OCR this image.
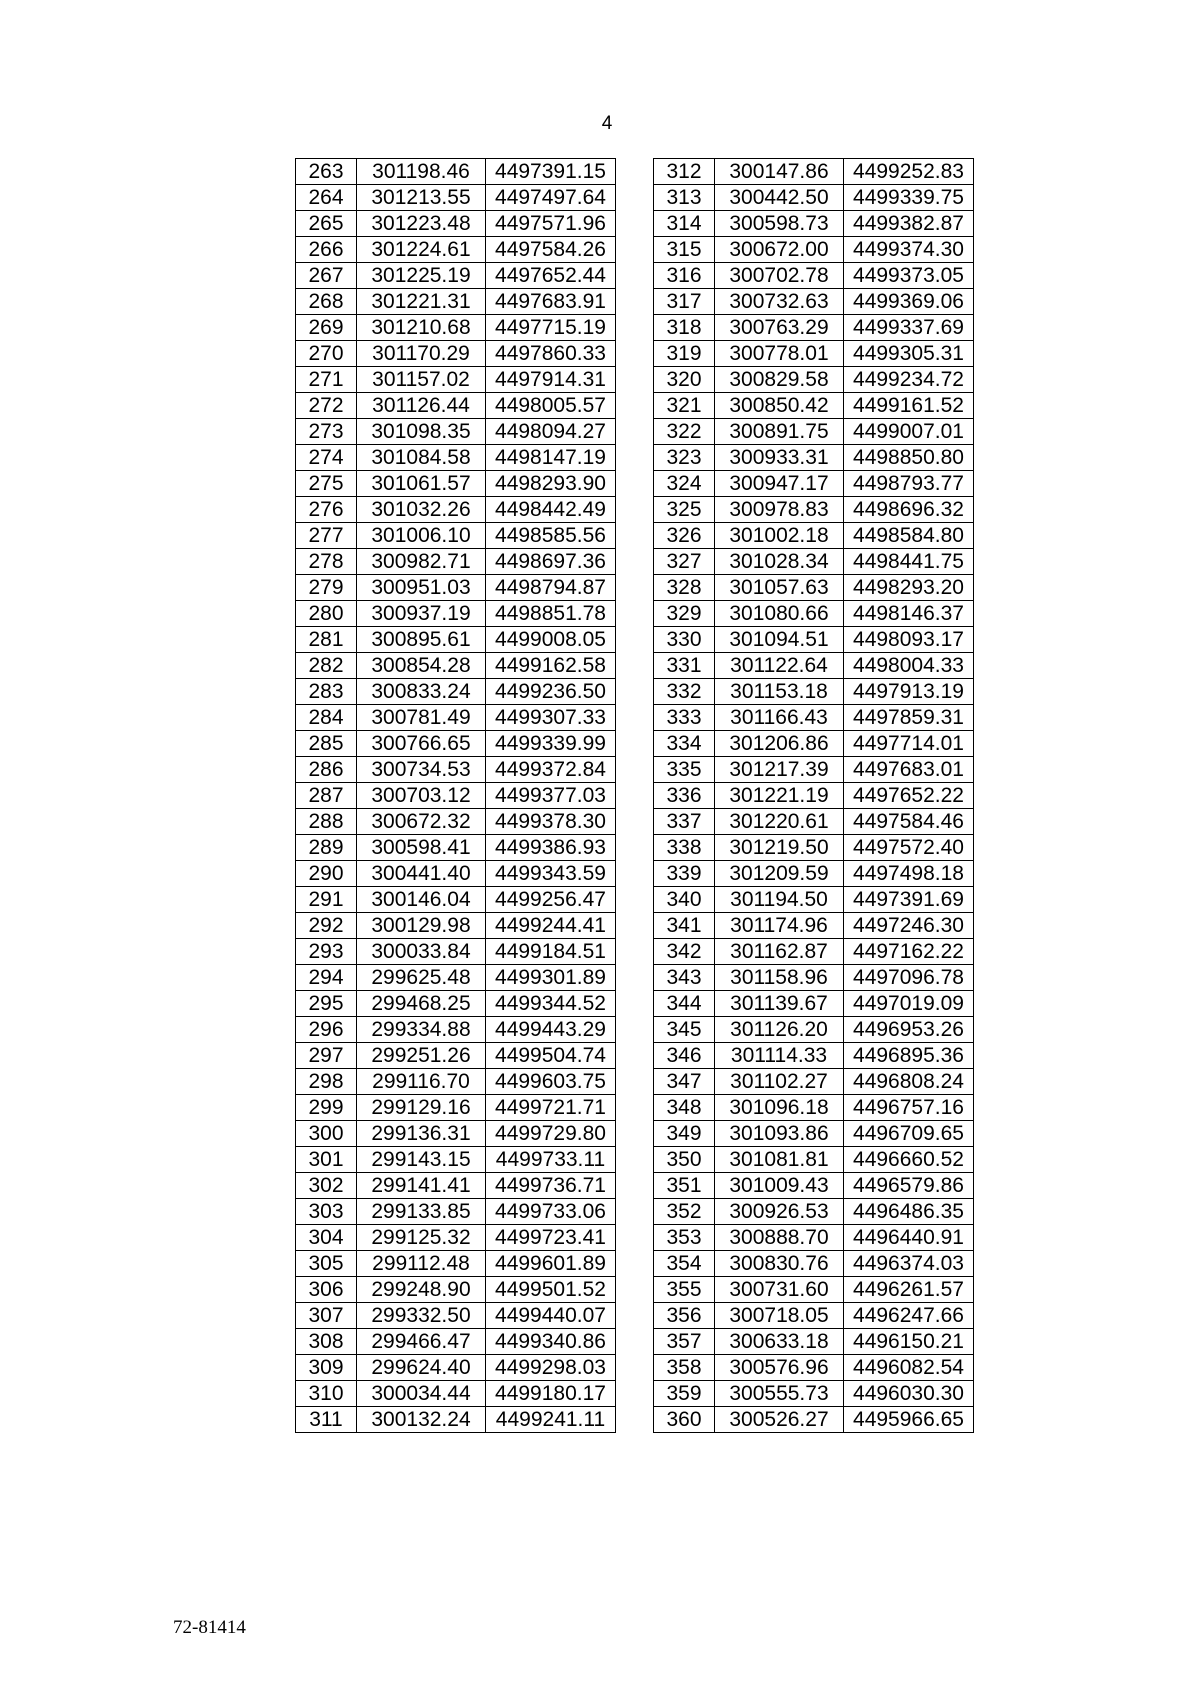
4
263	301198.46	4497391.15
264	301213.55	4497497.64
265	301223.48	4497571.96
266	301224.61	4497584.26
267	301225.19	4497652.44
268	301221.31	4497683.91
269	301210.68	4497715.19
270	301170.29	4497860.33
271	301157.02	4497914.31
272	301126.44	4498005.57
273	301098.35	4498094.27
274	301084.58	4498147.19
275	301061.57	4498293.90
276	301032.26	4498442.49
277	301006.10	4498585.56
278	300982.71	4498697.36
279	300951.03	4498794.87
280	300937.19	4498851.78
281	300895.61	4499008.05
282	300854.28	4499162.58
283	300833.24	4499236.50
284	300781.49	4499307.33
285	300766.65	4499339.99
286	300734.53	4499372.84
287	300703.12	4499377.03
288	300672.32	4499378.30
289	300598.41	4499386.93
290	300441.40	4499343.59
291	300146.04	4499256.47
292	300129.98	4499244.41
293	300033.84	4499184.51
294	299625.48	4499301.89
295	299468.25	4499344.52
296	299334.88	4499443.29
297	299251.26	4499504.74
298	299116.70	4499603.75
299	299129.16	4499721.71
300	299136.31	4499729.80
301	299143.15	4499733.11
302	299141.41	4499736.71
303	299133.85	4499733.06
304	299125.32	4499723.41
305	299112.48	4499601.89
306	299248.90	4499501.52
307	299332.50	4499440.07
308	299466.47	4499340.86
309	299624.40	4499298.03
310	300034.44	4499180.17
311	300132.24	4499241.11
312	300147.86	4499252.83
313	300442.50	4499339.75
314	300598.73	4499382.87
315	300672.00	4499374.30
316	300702.78	4499373.05
317	300732.63	4499369.06
318	300763.29	4499337.69
319	300778.01	4499305.31
320	300829.58	4499234.72
321	300850.42	4499161.52
322	300891.75	4499007.01
323	300933.31	4498850.80
324	300947.17	4498793.77
325	300978.83	4498696.32
326	301002.18	4498584.80
327	301028.34	4498441.75
328	301057.63	4498293.20
329	301080.66	4498146.37
330	301094.51	4498093.17
331	301122.64	4498004.33
332	301153.18	4497913.19
333	301166.43	4497859.31
334	301206.86	4497714.01
335	301217.39	4497683.01
336	301221.19	4497652.22
337	301220.61	4497584.46
338	301219.50	4497572.40
339	301209.59	4497498.18
340	301194.50	4497391.69
341	301174.96	4497246.30
342	301162.87	4497162.22
343	301158.96	4497096.78
344	301139.67	4497019.09
345	301126.20	4496953.26
346	301114.33	4496895.36
347	301102.27	4496808.24
348	301096.18	4496757.16
349	301093.86	4496709.65
350	301081.81	4496660.52
351	301009.43	4496579.86
352	300926.53	4496486.35
353	300888.70	4496440.91
354	300830.76	4496374.03
355	300731.60	4496261.57
356	300718.05	4496247.66
357	300633.18	4496150.21
358	300576.96	4496082.54
359	300555.73	4496030.30
360	300526.27	4495966.65
72-81414
